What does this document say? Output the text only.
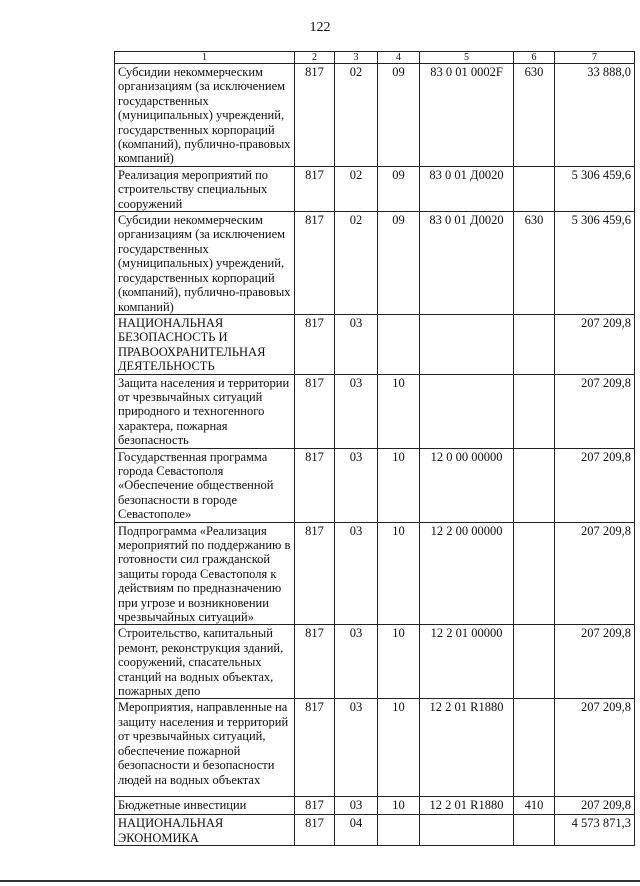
122
1	2	3	4	5	6	7
Субсидии некоммерческим организациям (за исключением государственных (муниципальных) учреждений, государственных корпораций (компаний), публично-правовых компаний)	817	02	09	83 0 01 0002F	630	33 888,0
Реализация мероприятий по строительству специальных сооружений	817	02	09	83 0 01 Д0020		5 306 459,6
Субсидии некоммерческим организациям (за исключением государственных (муниципальных) учреждений, государственных корпораций (компаний), публично-правовых компаний)	817	02	09	83 0 01 Д0020	630	5 306 459,6
НАЦИОНАЛЬНАЯ БЕЗОПАСНОСТЬ И ПРАВООХРАНИТЕЛЬНАЯ ДЕЯТЕЛЬНОСТЬ	817	03				207 209,8
Защита населения и территории от чрезвычайных ситуаций природного и техногенного характера, пожарная безопасность	817	03	10			207 209,8
Государственная программа города Севастополя «Обеспечение общественной безопасности в городе Севастополе»	817	03	10	12 0 00 00000		207 209,8
Подпрограмма «Реализация мероприятий по поддержанию в готовности сил гражданской защиты города Севастополя к действиям по предназначению при угрозе и возникновении чрезвычайных ситуаций»	817	03	10	12 2 00 00000		207 209,8
Строительство, капитальный ремонт, реконструкция зданий, сооружений, спасательных станций на водных объектах, пожарных депо	817	03	10	12 2 01 00000		207 209,8
Мероприятия, направленные на защиту населения и территорий от чрезвычайных ситуаций, обеспечение пожарной безопасности и безопасности людей на водных объектах	817	03	10	12 2 01 R1880		207 209,8
Бюджетные инвестиции	817	03	10	12 2 01 R1880	410	207 209,8
НАЦИОНАЛЬНАЯ ЭКОНОМИКА	817	04				4 573 871,3
